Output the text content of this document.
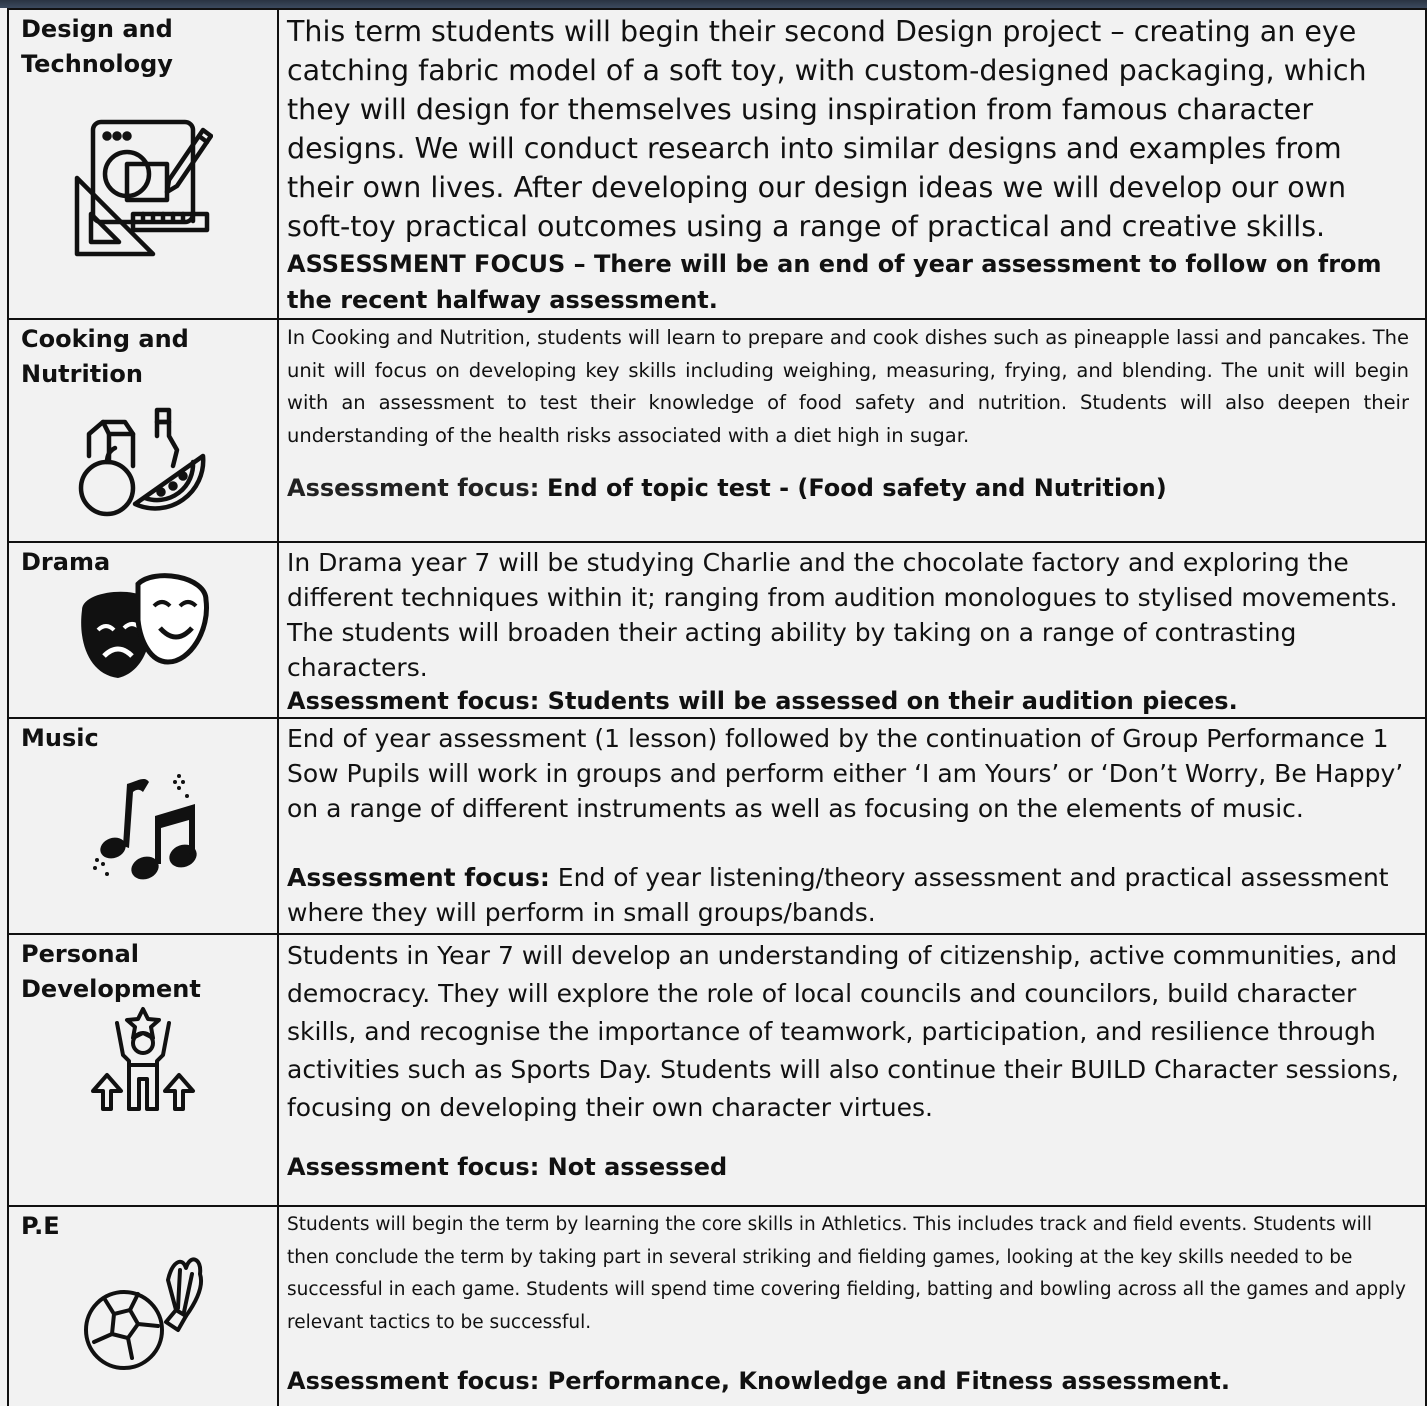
Design and Technology	This term students will begin their second Design project – creating an eye catching fabric model of a soft toy, with custom-designed packaging, which they will design for themselves using inspiration from famous character designs. We will conduct research into similar designs and examples from their own lives. After developing our design ideas we will develop our own soft-toy practical outcomes using a range of practical and creative skills.

ASSESSMENT FOCUS – There will be an end of year assessment to follow on from the recent halfway assessment.

Cooking and Nutrition	In Cooking and Nutrition, students will learn to prepare and cook dishes such as pineapple lassi and pancakes. The unit will focus on developing key skills including weighing, measuring, frying, and blending. The unit will begin with an assessment to test their knowledge of food safety and nutrition. Students will also deepen their understanding of the health risks associated with a diet high in sugar.

Assessment focus: End of topic test - (Food safety and Nutrition)

Drama	In Drama year 7 will be studying Charlie and the chocolate factory and exploring the different techniques within it; ranging from audition monologues to stylised movements. The students will broaden their acting ability by taking on a range of contrasting characters.

Assessment focus: Students will be assessed on their audition pieces.

Music	End of year assessment (1 lesson) followed by the continuation of Group Performance 1 Sow Pupils will work in groups and perform either ‘I am Yours’ or ‘Don’t Worry, Be Happy’ on a range of different instruments as well as focusing on the elements of music.

Assessment focus: End of year listening/theory assessment and practical assessment where they will perform in small groups/bands.

Personal Development	Students in Year 7 will develop an understanding of citizenship, active communities, and democracy. They will explore the role of local councils and councilors, build character skills, and recognise the importance of teamwork, participation, and resilience through activities such as Sports Day. Students will also continue their BUILD Character sessions, focusing on developing their own character virtues.

Assessment focus: Not assessed

P.E	Students will begin the term by learning the core skills in Athletics. This includes track and field events. Students will then conclude the term by taking part in several striking and fielding games, looking at the key skills needed to be successful in each game. Students will spend time covering fielding, batting and bowling across all the games and apply relevant tactics to be successful.

Assessment focus: Performance, Knowledge and Fitness assessment.
